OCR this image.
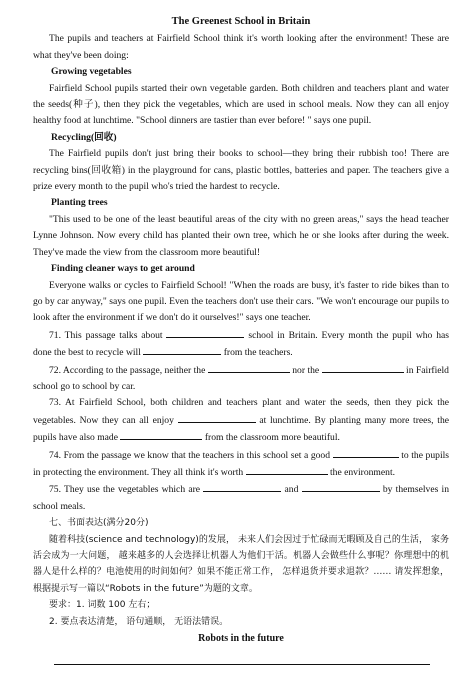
The Greenest School in Britain

The pupils and teachers at Fairfield School think it's worth looking after the environment! These are what they've been doing:

Growing vegetables

Fairfield School pupils started their own vegetable garden. Both children and teachers plant and water the seeds(种子), then they pick the vegetables, which are used in school meals. Now they can all enjoy healthy food at lunchtime. "School dinners are tastier than ever before! " says one pupil.

Recycling(回收)

The Fairfield pupils don't just bring their books to school—they bring their rubbish too! There are recycling bins(回收箱) in the playground for cans, plastic bottles, batteries and paper. The teachers give a prize every month to the pupil who's tried the hardest to recycle.

Planting trees

"This used to be one of the least beautiful areas of the city with no green areas," says the head teacher Lynne Johnson. Now every child has planted their own tree, which he or she looks after during the week. They've made the view from the classroom more beautiful!

Finding cleaner ways to get around

Everyone walks or cycles to Fairfield School! "When the roads are busy, it's faster to ride bikes than to go by car anyway," says one pupil. Even the teachers don't use their cars. "We won't encourage our pupils to look after the environment if we don't do it ourselves!" says one teacher.

71. This passage talks about	school in Britain. Every month the pupil who has done the best to recycle will	from the teachers.

72. According to the passage, neither the	nor the	in Fairfield school go to school by car.

73. At Fairfield School, both children and teachers plant and water the seeds, then they pick the vegetables. Now they can all enjoy	at lunchtime. By planting many more trees, the pupils have also made	from the classroom more beautiful.

74. From the passage we know that the teachers in this school set a good	to the pupils in protecting the environment. They all think it's worth	the environment.

75. They use the vegetables which are	and	by themselves in school meals.

七、书面表达(满分20分)

随着科技(science and technology)的发展， 未来人们会因过于忙碌而无暇顾及自己的生活， 家务活会成为一大问题， 越来越多的人会选择让机器人为他们干活。机器人会做些什么事呢？你理想中的机器人是什么样的？电池使用的时间如何？如果不能正常工作， 怎样退货并要求退款？…… 请发挥想象， 根据提示写一篇以“Robots in the future”为题的文章。

要求：1. 词数 100 左右；

2. 要点表达清楚， 语句通顺， 无语法错误。

Robots in the future
